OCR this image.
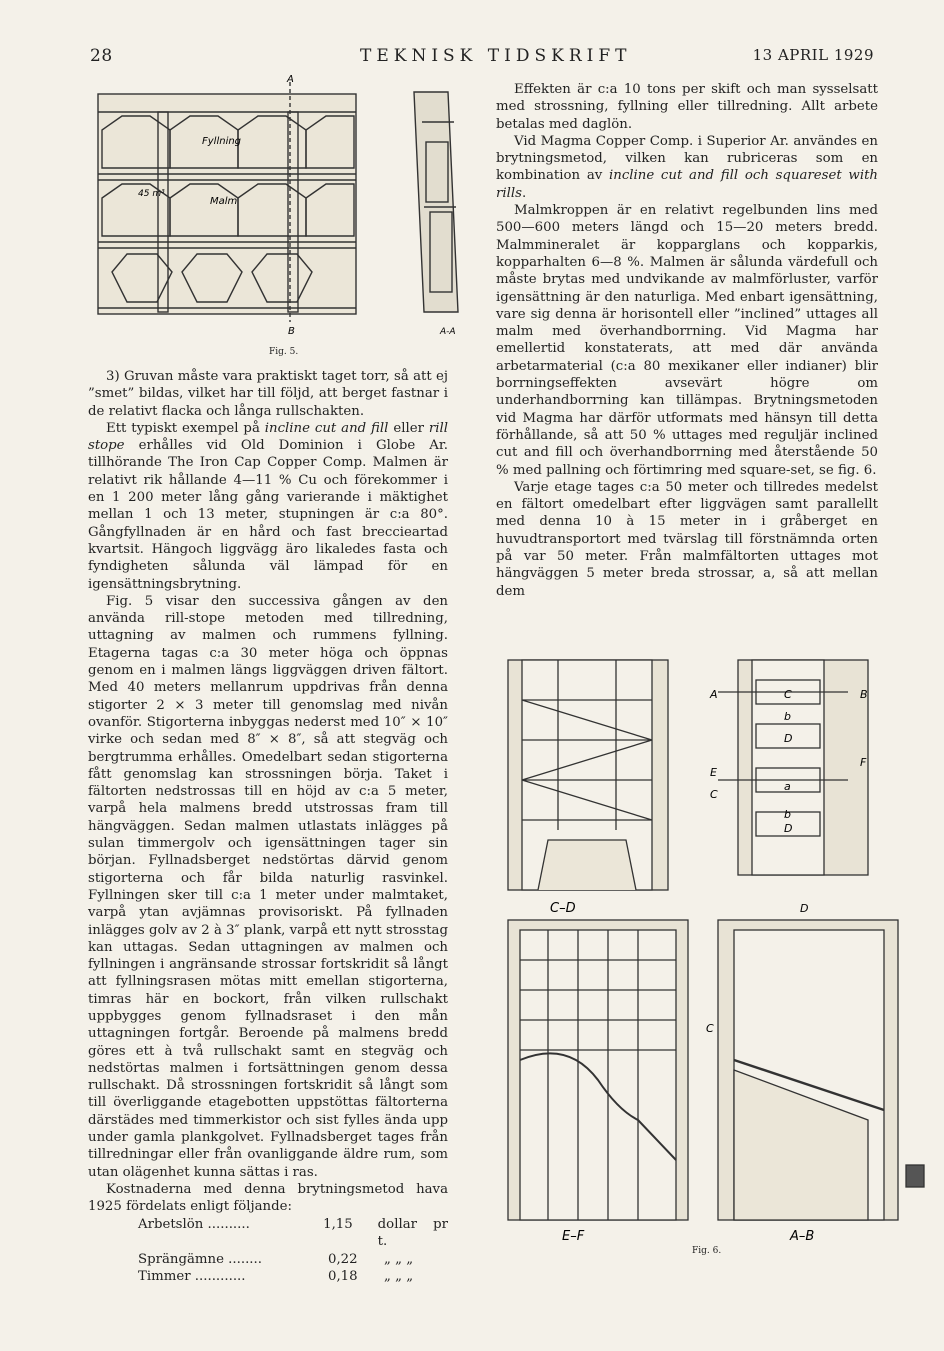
28	TEKNISK TIDSKRIFT	13 APRIL 1929
A
Fyllning
45 m³
Malm
B	A-A
Fig. 5.

3) Gruvan måste vara praktiskt taget torr, så att ej ”smet” bildas, vilket har till följd, att berget fastnar i de relativt flacka och långa rullschakten.

Ett typiskt exempel på incline cut and fill eller rill stope erhålles vid Old Dominion i Globe Ar. tillhörande The Iron Cap Copper Comp. Malmen är relativt rik hållande 4—11 % Cu och förekommer i en 1 200 meter lång gång varierande i mäktighet mellan 1 och 13 meter, stupningen är c:a 80°. Gångfyllnaden är en hård och fast breccieartad kvartsit. Hängoch liggvägg äro likaledes fasta och fyndigheten sålunda väl lämpad för en igensättningsbrytning.

Fig. 5 visar den successiva gången av den använda rill-stope metoden med tillredning, uttagning av malmen och rummens fyllning. Etagerna tagas c:a 30 meter höga och öppnas genom en i malmen längs liggväggen driven fältort. Med 40 meters mellanrum uppdrivas från denna stigorter 2 × 3 meter till genomslag med nivån ovanför. Stigorterna inbyggas nederst med 10″ × 10″ virke och sedan med 8″ × 8″, så att stegväg och bergtrumma erhålles. Omedelbart sedan stigorterna fått genomslag kan strossningen börja. Taket i fältorten nedstrossas till en höjd av c:a 5 meter, varpå hela malmens bredd utstrossas fram till hängväggen. Sedan malmen utlastats inlägges på sulan timmergolv och igensättningen tager sin början. Fyllnadsberget nedstörtas därvid genom stigorterna och får bilda naturlig rasvinkel. Fyllningen sker till c:a 1 meter under malmtaket, varpå ytan avjämnas provisoriskt. På fyllnaden inlägges golv av 2 à 3″ plank, varpå ett nytt strosstag kan uttagas. Sedan uttagningen av malmen och fyllningen i angränsande strossar fortskridit så långt att fyllningsrasen mötas mitt emellan stigorterna, timras här en bockort, från vilken rullschakt uppbygges genom fyllnadsraset i den mån uttagningen fortgår. Beroende på malmens bredd göres ett à två rullschakt samt en stegväg och nedstörtas malmen i fortsättningen genom dessa rullschakt. Då strossningen fortskridit så långt som till överliggande etagebotten uppstöttas fältorterna därstädes med timmerkistor och sist fylles ända upp under gamla plankgolvet. Fyllnadsberget tages från tillredningar eller från ovanliggande äldre rum, som utan olägenhet kunna sättas i ras.

Kostnaderna med denna brytningsmetod hava 1925 fördelats enligt följande:

Arbetslön ..........	1,15	dollar pr t.
Sprängämne ........	0,22	„ „ „
Timmer ............	0,18	„ „ „

Effekten är c:a 10 tons per skift och man sysselsatt med strossning, fyllning eller tillredning. Allt arbete betalas med daglön.

Vid Magma Copper Comp. i Superior Ar. användes en brytningsmetod, vilken kan rubriceras som en kombination av incline cut and fill och squareset with rills.

Malmkroppen är en relativt regelbunden lins med 500—600 meters längd och 15—20 meters bredd. Malmmineralet är kopparglans och kopparkis, kopparhalten 6—8 %. Malmen är sålunda värdefull och måste brytas med undvikande av malmförluster, varför igensättning är den naturliga. Med enbart igensättning, vare sig denna är horisontell eller ”inclined” uttages all malm med överhandborrning. Vid Magma har emellertid konstaterats, att med där använda arbetarmaterial (c:a 80 mexikaner eller indianer) blir borrningseffekten avsevärt högre om underhandborrning kan tillämpas. Brytningsmetoden vid Magma har därför utformats med hänsyn till detta förhållande, så att 50 % uttages med reguljär inclined cut and fill och överhandborrning med återstående 50 % med pallning och förtimring med square-set, se fig. 6.

Varje etage tages c:a 50 meter och tillredes medelst en fältort omedelbart efter liggvägen samt parallellt med denna 10 à 15 meter in i gråberget en huvudtransportort med tvärslag till förstnämnda orten på var 50 meter. Från malmfältorten uttages mot hängväggen 5 meter breda strossar, a, så att mellan dem

C–D
E–F	A–B
A	B
C
E
F
C
b
D
a
b
D
C
D
Fig. 6.
